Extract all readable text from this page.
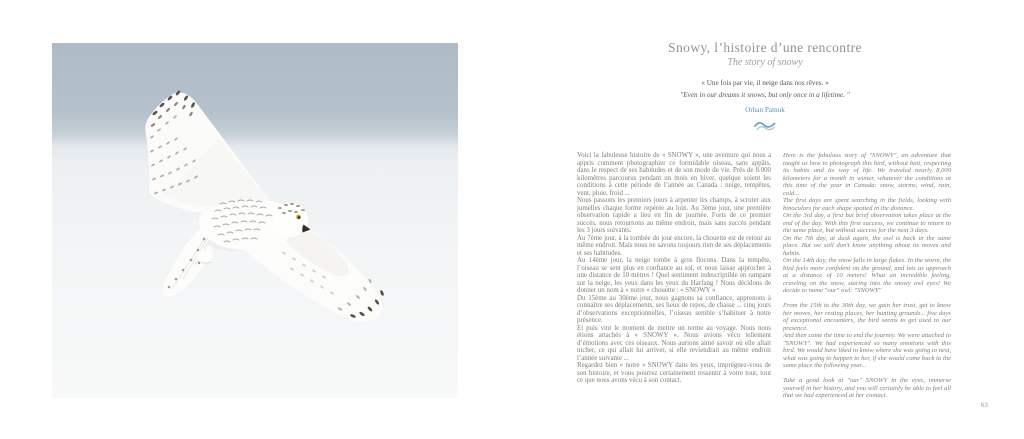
Snowy, l’histoire d’une rencontre
The story of snowy
« Une fois par vie, il neige dans nos rêves. »
"Even in our dreams it snows, but only once in a lifetime. "
Orhan Pamuk

Voici la fabuleuse histoire de « SNOWY », une aventure qui nous a appris comment photographier ce formidable oiseau, sans appâts, dans le respect de ses habitudes et de son mode de vie. Près de 8.000 kilomètres parcourus pendant un mois en hiver, quelque soient les conditions à cette période de l’année au Canada : neige, tempêtes, vent, pluie, froid ...

Nous passons les premiers jours à arpenter les champs, à scruter aux jumelles chaque forme repérée au loin. Au 3ème jour, une première observation rapide a lieu en fin de journée. Forts de ce premier succès, nous retournons au même endroit, mais sans succès pendant les 3 jours suivants.

Au 7ème jour, à la tombée du jour encore, la chouette est de retour au même endroit. Mais nous ne savons toujours rien de ses déplacements et ses habitudes.

Au 14ème jour, la neige tombe à gros flocons. Dans la tempête, l’oiseau se sent plus en confiance au sol, et nous laisse approcher à une distance de 10 mètres ! Quel sentiment indescriptible en rampant sur la neige, les yeux dans les yeux du Harfang ! Nous décidons de donner un nom à « notre » chouette : « SNOWY »

Du 15ème au 30ème jour, nous gagnons sa confiance, apprenons à connaître ses déplacements, ses lieux de repos, de chasse ... cinq jours d’observations exceptionnelles, l’oiseau semble s’habituer à notre présence.

Et puis vint le moment de mettre un terme au voyage. Nous nous étions attachés à « SNOWY ». Nous avions vécu tellement d’émotions avec ces oiseaux. Nous aurions aimé savoir où elle allait nicher, ce qui allait lui arriver, si elle reviendrait au même endroit l’année suivante ...

Regardez bien « notre » SNOWY dans les yeux, imprégnez-vous de son histoire, et vous pourrez certainement ressentir à votre tour, tout ce que nous avons vécu à son contact.

Here is the fabulous story of "SNOWY", an adventure that taught us how to photograph this bird, without bait, respecting its habits and its way of life. We traveled nearly 8,000 kilometers for a month in winter, whatever the conditions at this time of the year in Canada: snow, storms, wind, rain, cold...

The first days are spent searching in the fields, looking with binoculars for each shape spotted in the distance.

On the 3rd day, a first but brief observation takes place at the end of the day. With this first success, we continue to return to the same place, but without success for the next 3 days.

On the 7th day, at dusk again, the owl is back in the same place. But we still don't know anything about its moves and habits.

On the 14th day, the snow falls in large flakes. In the storm, the bird feels more confident on the ground, and lets us approach at a distance of 10 meters! What an incredible feeling, crawling on the snow, staring into the snowy owl eyes! We decide to name "our" owl: "SNOWY"

From the 15th to the 30th day, we gain her trust, get to know her moves, her resting places, her hunting grounds... five days of exceptional encounters, the bird seems to get used to our presence.

And then came the time to end the journey. We were attached to "SNOWY". We had experienced so many emotions with this bird. We would have liked to know where she was going to nest, what was going to happen to her, if she would come back to the same place the following year...

Take a good look at "our" SNOWY in the eyes, immerse yourself in her history, and you will certainly be able to feel all that we had experienced at her contact.

63
